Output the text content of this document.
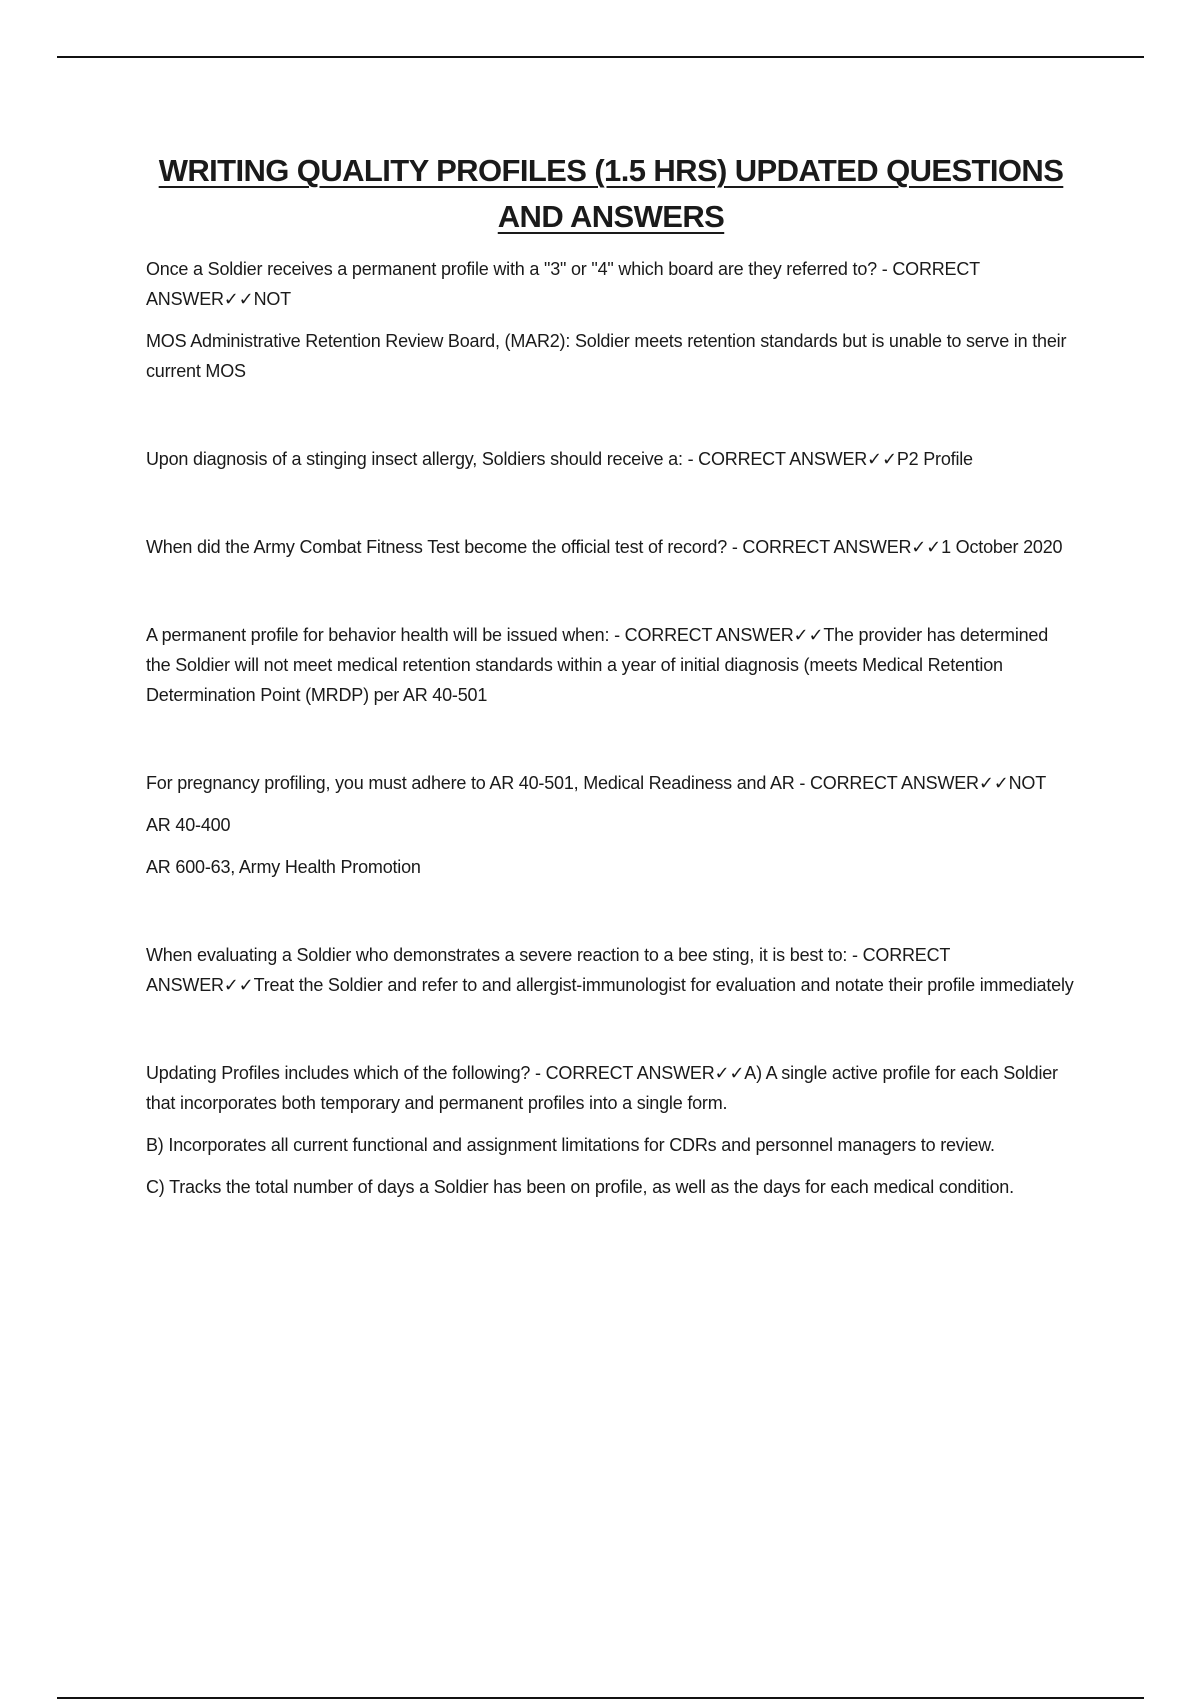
WRITING QUALITY PROFILES (1.5 HRS) UPDATED QUESTIONS
AND ANSWERS

Once a Soldier receives a permanent profile with a "3" or "4" which board are they referred to? - CORRECT ANSWER✓✓NOT

MOS Administrative Retention Review Board, (MAR2): Soldier meets retention standards but is unable to serve in their current MOS

Upon diagnosis of a stinging insect allergy, Soldiers should receive a: - CORRECT ANSWER✓✓P2 Profile

When did the Army Combat Fitness Test become the official test of record? - CORRECT ANSWER✓✓1 October 2020

A permanent profile for behavior health will be issued when: - CORRECT ANSWER✓✓The provider has determined the Soldier will not meet medical retention standards within a year of initial diagnosis (meets Medical Retention Determination Point (MRDP) per AR 40-501

For pregnancy profiling, you must adhere to AR 40-501, Medical Readiness and AR - CORRECT ANSWER✓✓NOT

AR 40-400

AR 600-63, Army Health Promotion

When evaluating a Soldier who demonstrates a severe reaction to a bee sting, it is best to: - CORRECT ANSWER✓✓Treat the Soldier and refer to and allergist-immunologist for evaluation and notate their profile immediately

Updating Profiles includes which of the following? - CORRECT ANSWER✓✓A) A single active profile for each Soldier that incorporates both temporary and permanent profiles into a single form.

B) Incorporates all current functional and assignment limitations for CDRs and personnel managers to review.

C) Tracks the total number of days a Soldier has been on profile, as well as the days for each medical condition.
